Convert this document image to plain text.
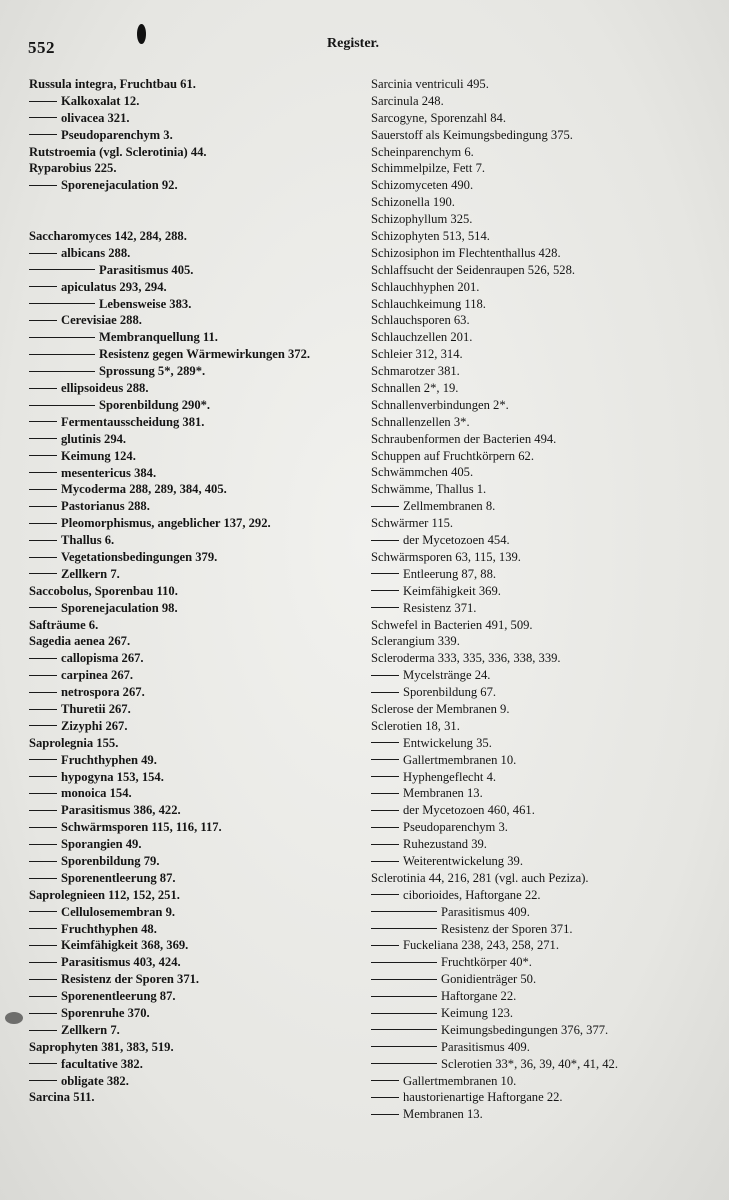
552	Register.
Russula integra, Fruchtbau 61.
Kalkoxalat 12.
olivacea 321.
Pseudoparenchym 3.
Rutstroemia (vgl. Sclerotinia) 44.
Ryparobius 225.
Sporenejaculation 92.
Saccharomyces 142, 284, 288.
albicans 288.
Parasitismus 405.
apiculatus 293, 294.
Lebensweise 383.
Cerevisiae 288.
Membranquellung 11.
Resistenz gegen Wärmewirkungen 372.
Sprossung 5*, 289*.
ellipsoideus 288.
Sporenbildung 290*.
Fermentausscheidung 381.
glutinis 294.
Keimung 124.
mesentericus 384.
Mycoderma 288, 289, 384, 405.
Pastorianus 288.
Pleomorphismus, angeblicher 137, 292.
Thallus 6.
Vegetationsbedingungen 379.
Zellkern 7.
Saccobolus, Sporenbau 110.
Sporenejaculation 98.
Safträume 6.
Sagedia aenea 267.
callopisma 267.
carpinea 267.
netrospora 267.
Thuretii 267.
Zizyphi 267.
Saprolegnia 155.
Fruchthyphen 49.
hypogyna 153, 154.
monoica 154.
Parasitismus 386, 422.
Schwärmsporen 115, 116, 117.
Sporangien 49.
Sporenbildung 79.
Sporenentleerung 87.
Saprolegnieen 112, 152, 251.
Cellulosemembran 9.
Fruchthyphen 48.
Keimfähigkeit 368, 369.
Parasitismus 403, 424.
Resistenz der Sporen 371.
Sporenentleerung 87.
Sporenruhe 370.
Zellkern 7.
Saprophyten 381, 383, 519.
facultative 382.
obligate 382.
Sarcina 511.
Sarcinia ventriculi 495.
Sarcinula 248.
Sarcogyne, Sporenzahl 84.
Sauerstoff als Keimungsbedingung 375.
Scheinparenchym 6.
Schimmelpilze, Fett 7.
Schizomyceten 490.
Schizonella 190.
Schizophyllum 325.
Schizophyten 513, 514.
Schizosiphon im Flechtenthallus 428.
Schlaffsucht der Seidenraupen 526, 528.
Schlauchhyphen 201.
Schlauchkeimung 118.
Schlauchsporen 63.
Schlauchzellen 201.
Schleier 312, 314.
Schmarotzer 381.
Schnallen 2*, 19.
Schnallenverbindungen 2*.
Schnallenzellen 3*.
Schraubenformen der Bacterien 494.
Schuppen auf Fruchtkörpern 62.
Schwämmchen 405.
Schwämme, Thallus 1.
Zellmembranen 8.
Schwärmer 115.
der Mycetozoen 454.
Schwärmsporen 63, 115, 139.
Entleerung 87, 88.
Keimfähigkeit 369.
Resistenz 371.
Schwefel in Bacterien 491, 509.
Sclerangium 339.
Scleroderma 333, 335, 336, 338, 339.
Mycelstränge 24.
Sporenbildung 67.
Sclerose der Membranen 9.
Sclerotien 18, 31.
Entwickelung 35.
Gallertmembranen 10.
Hyphengeflecht 4.
Membranen 13.
der Mycetozoen 460, 461.
Pseudoparenchym 3.
Ruhezustand 39.
Weiterentwickelung 39.
Sclerotinia 44, 216, 281 (vgl. auch Peziza).
ciborioides, Haftorgane 22.
Parasitismus 409.
Resistenz der Sporen 371.
Fuckeliana 238, 243, 258, 271.
Fruchtkörper 40*.
Gonidienträger 50.
Haftorgane 22.
Keimung 123.
Keimungsbedingungen 376, 377.
Parasitismus 409.
Sclerotien 33*, 36, 39, 40*, 41, 42.
Gallertmembranen 10.
haustorienartige Haftorgane 22.
Membranen 13.
